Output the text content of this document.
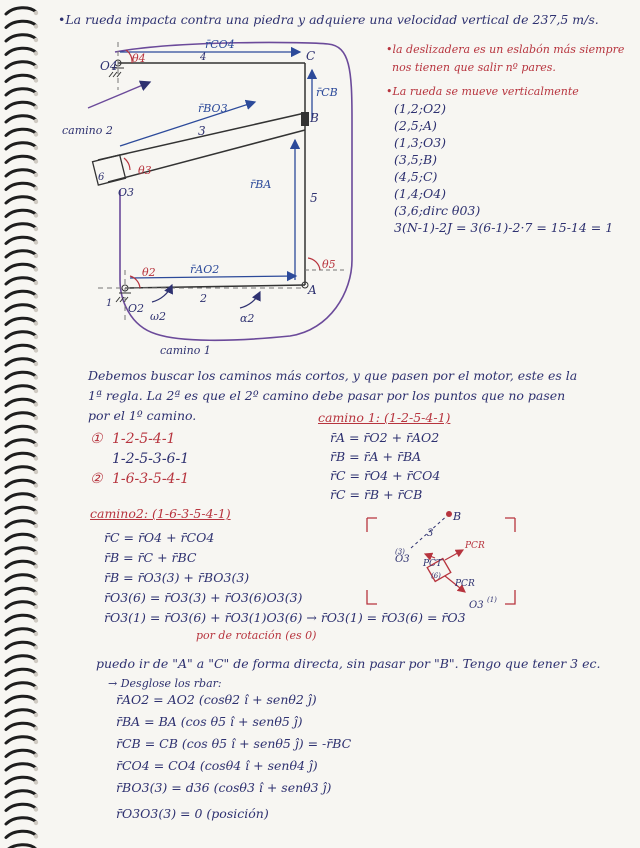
•La rueda impacta contra una piedra y adquiere una velocidad vertical de 237,5 m/s.
•la deslizadera es un eslabón más siempre
nos tienen que salir nº pares.
•La rueda se mueve verticalmente
(1,2;O2)
(2,5;A)
(1,3;O3)
(3,5;B)
(4,5;C)
(1,4;O4)
(3,6;dirc θ03)
3(N-1)-2J = 3(6-1)-2·7 = 15-14 = 1
O4
C
B
A
O2
O3
θ4
θ3
θ2
θ5
r̄CO4
r̄CB
r̄BO3
r̄BA
r̄AO2
1	2
3
4
5
6
ω2	α2
camino 2
camino 1
Debemos buscar los caminos más cortos, y que pasen por el motor, este es la
1ª regla. La 2ª es que el 2º camino debe pasar por los puntos que no pasen
por el 1º camino.
① 1-2-5-4-1
1-2-5-3-6-1
② 1-6-3-5-4-1
camino 1: (1-2-5-4-1)
r̄A = r̄O2 + r̄AO2
r̄B = r̄A + r̄BA
r̄C = r̄O4 + r̄CO4
r̄C = r̄B + r̄CB
B
3
O3
(3)
(6)
PCT
PCR
PCR
O3 (1)
camino2: (1-6-3-5-4-1)
r̄C = r̄O4 + r̄CO4
r̄B = r̄C + r̄BC
r̄B = r̄O3(3) + r̄BO3(3)
r̄O3(6) = r̄O3(3) + r̄O3(6)O3(3)
r̄O3(1) = r̄O3(6) + r̄O3(1)O3(6) → r̄O3(1) = r̄O3(6) = r̄O3
por de rotación (es 0)
puedo ir de "A" a "C" de forma directa, sin pasar por "B". Tengo que tener 3 ec.
→ Desglose los rbar:
r̄AO2 = AO2 (cosθ2 î + senθ2 ĵ)
r̄BA = BA (cos θ5 î + senθ5 ĵ)
r̄CB = CB (cos θ5 î + senθ5 ĵ) = -r̄BC
r̄CO4 = CO4 (cosθ4 î + senθ4 ĵ)
r̄BO3(3) = d36 (cosθ3 î + senθ3 ĵ)
r̄O3O3(3) = 0 (posición)
